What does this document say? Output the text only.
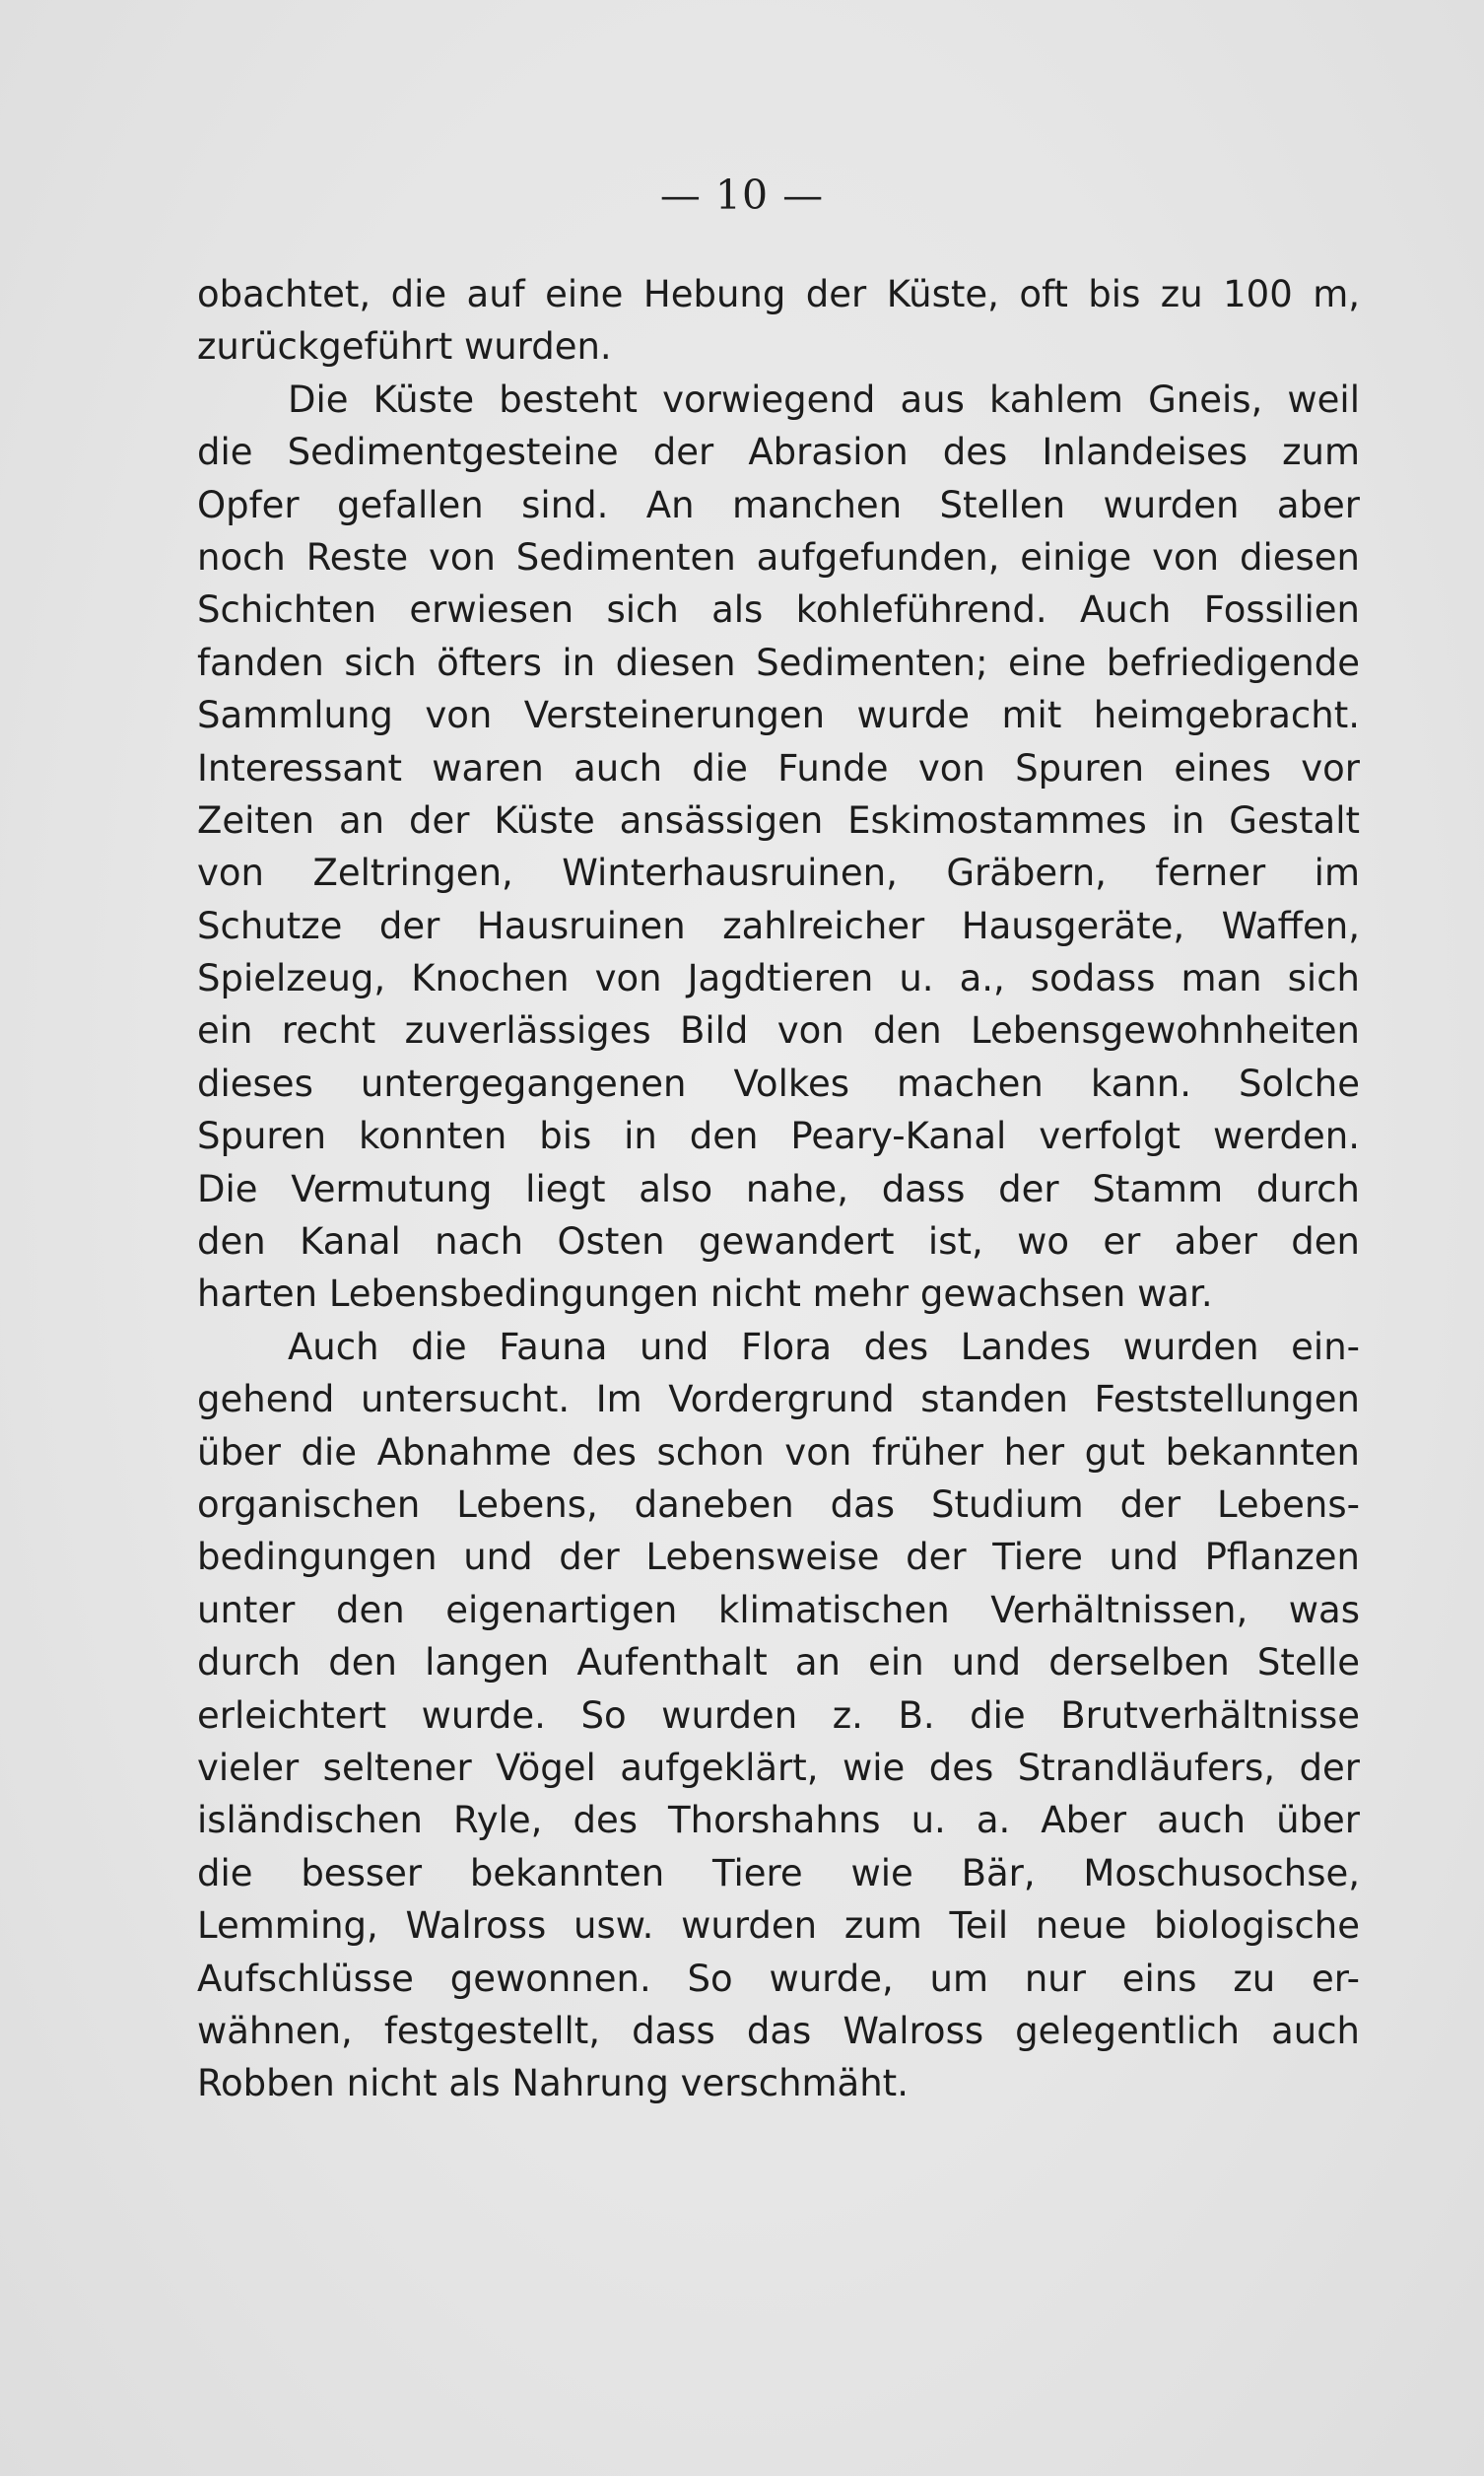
— 10 —
obachtet, die auf eine Hebung der Küste, oft bis zu 100 m,
zurückgeführt wurden.
Die Küste besteht vorwiegend aus kahlem Gneis, weil
die Sedimentgesteine der Abrasion des Inlandeises zum
Opfer gefallen sind. An manchen Stellen wurden aber
noch Reste von Sedimenten aufgefunden, einige von diesen
Schichten erwiesen sich als kohleführend. Auch Fossilien
fanden sich öfters in diesen Sedimenten; eine befriedigende
Sammlung von Versteinerungen wurde mit heimgebracht.
Interessant waren auch die Funde von Spuren eines vor
Zeiten an der Küste ansässigen Eskimostammes in Gestalt
von Zeltringen, Winterhausruinen, Gräbern, ferner im
Schutze der Hausruinen zahlreicher Hausgeräte, Waffen,
Spielzeug, Knochen von Jagdtieren u. a., sodass man sich
ein recht zuverlässiges Bild von den Lebensgewohnheiten
dieses untergegangenen Volkes machen kann. Solche
Spuren konnten bis in den Peary-Kanal verfolgt werden.
Die Vermutung liegt also nahe, dass der Stamm durch
den Kanal nach Osten gewandert ist, wo er aber den
harten Lebensbedingungen nicht mehr gewachsen war.
Auch die Fauna und Flora des Landes wurden ein-
gehend untersucht. Im Vordergrund standen Feststellungen
über die Abnahme des schon von früher her gut bekannten
organischen Lebens, daneben das Studium der Lebens-
bedingungen und der Lebensweise der Tiere und Pflanzen
unter den eigenartigen klimatischen Verhältnissen, was
durch den langen Aufenthalt an ein und derselben Stelle
erleichtert wurde. So wurden z. B. die Brutverhältnisse
vieler seltener Vögel aufgeklärt, wie des Strandläufers, der
isländischen Ryle, des Thorshahns u. a. Aber auch über
die besser bekannten Tiere wie Bär, Moschusochse,
Lemming, Walross usw. wurden zum Teil neue biologische
Aufschlüsse gewonnen. So wurde, um nur eins zu er-
wähnen, festgestellt, dass das Walross gelegentlich auch
Robben nicht als Nahrung verschmäht.
